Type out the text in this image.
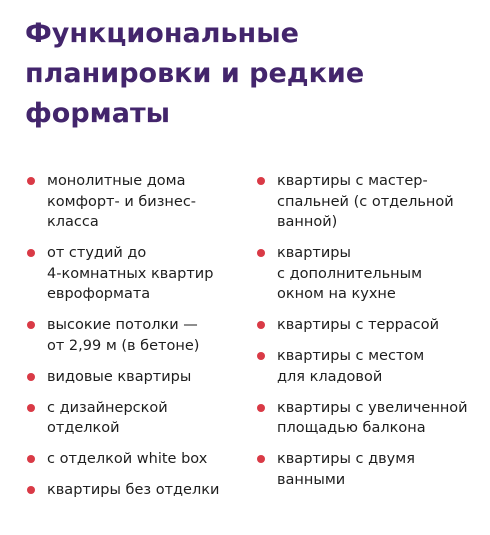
Функциональные
планировки и редкие
форматы
монолитные дома
комфорт- и бизнес-
класса
от студий до
4-комнатных квартир
евроформата
высокие потолки —
от 2,99 м (в бетоне)
видовые квартиры
с дизайнерской
отделкой
с отделкой white box
квартиры без отделки
квартиры с мастер-
спальней (с отдельной
ванной)
квартиры
с дополнительным
окном на кухне
квартиры с террасой
квартиры с местом
для кладовой
квартиры с увеличенной
площадью балкона
квартиры с двумя
ванными
